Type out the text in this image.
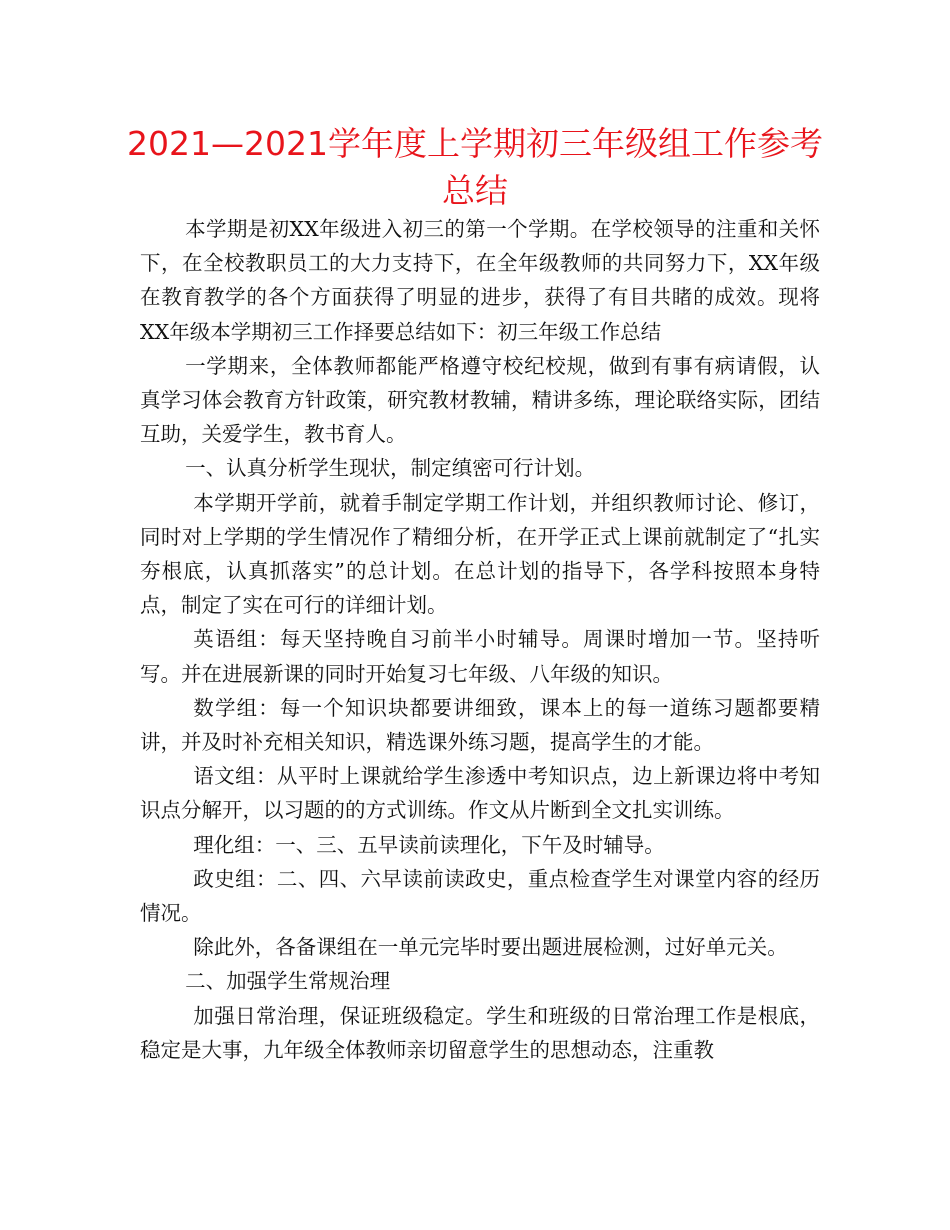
2021—2021学年度上学期初三年级组工作参考总结

本学期是初XX年级进入初三的第一个学期。在学校领导的注重和关怀下，在全校教职员工的大力支持下，在全年级教师的共同努力下，XX年级在教育教学的各个方面获得了明显的进步，获得了有目共睹的成效。现将XX年级本学期初三工作择要总结如下：初三年级工作总结

一学期来，全体教师都能严格遵守校纪校规，做到有事有病请假，认真学习体会教育方针政策，研究教材教辅，精讲多练，理论联络实际，团结互助，关爱学生，教书育人。

一、认真分析学生现状，制定缜密可行计划。

本学期开学前，就着手制定学期工作计划，并组织教师讨论、修订，同时对上学期的学生情况作了精细分析，在开学正式上课前就制定了“扎实夯根底，认真抓落实”的总计划。在总计划的指导下，各学科按照本身特点，制定了实在可行的详细计划。

英语组：每天坚持晚自习前半小时辅导。周课时增加一节。坚持听写。并在进展新课的同时开始复习七年级、八年级的知识。

数学组：每一个知识块都要讲细致，课本上的每一道练习题都要精讲，并及时补充相关知识，精选课外练习题，提高学生的才能。

语文组：从平时上课就给学生渗透中考知识点，边上新课边将中考知识点分解开，以习题的的方式训练。作文从片断到全文扎实训练。

理化组：一、三、五早读前读理化，下午及时辅导。

政史组：二、四、六早读前读政史，重点检查学生对课堂内容的经历情况。

除此外，各备课组在一单元完毕时要出题进展检测，过好单元关。

二、加强学生常规治理

加强日常治理，保证班级稳定。学生和班级的日常治理工作是根底，稳定是大事，九年级全体教师亲切留意学生的思想动态，注重教
